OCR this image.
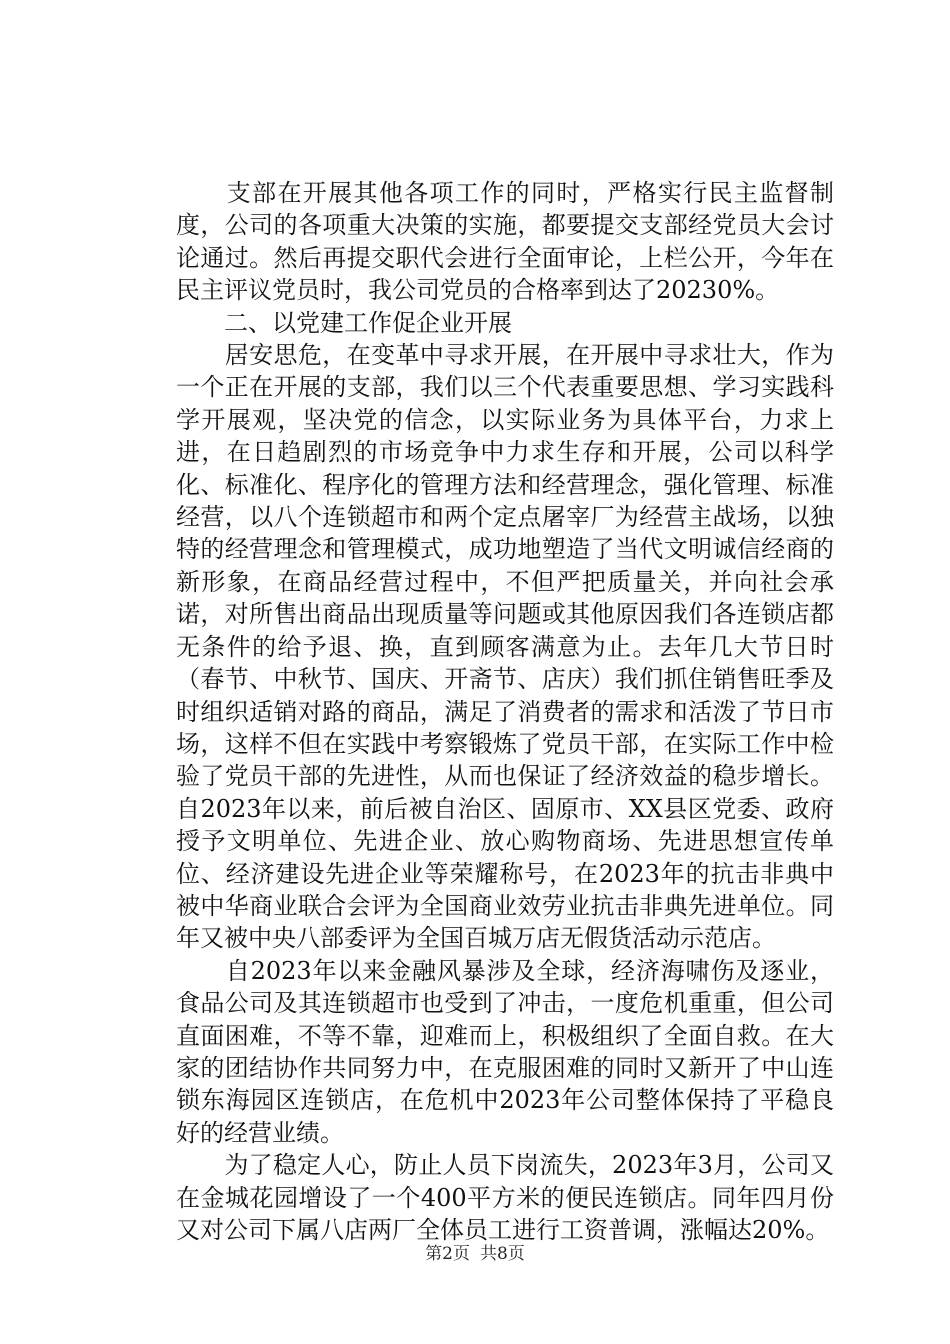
　　支部在开展其他各项工作的同时，严格实行民主监督制度，公司的各项重大决策的实施，都要提交支部经党员大会讨论通过。然后再提交职代会进行全面审论，上栏公开，今年在民主评议党员时，我公司党员的合格率到达了20230%。

　　二、以党建工作促企业开展

　　居安思危，在变革中寻求开展，在开展中寻求壮大，作为一个正在开展的支部，我们以三个代表重要思想、学习实践科学开展观，坚决党的信念，以实际业务为具体平台，力求上进，在日趋剧烈的市场竞争中力求生存和开展，公司以科学化、标准化、程序化的管理方法和经营理念，强化管理、标准经营，以八个连锁超市和两个定点屠宰厂为经营主战场，以独特的经营理念和管理模式，成功地塑造了当代文明诚信经商的新形象，在商品经营过程中，不但严把质量关，并向社会承诺，对所售出商品出现质量等问题或其他原因我们各连锁店都无条件的给予退、换，直到顾客满意为止。去年几大节日时（春节、中秋节、国庆、开斋节、店庆）我们抓住销售旺季及时组织适销对路的商品，满足了消费者的需求和活泼了节日市场，这样不但在实践中考察锻炼了党员干部，在实际工作中检验了党员干部的先进性，从而也保证了经济效益的稳步增长。自2023年以来，前后被自治区、固原市、XX县区党委、政府授予文明单位、先进企业、放心购物商场、先进思想宣传单位、经济建设先进企业等荣耀称号，在2023年的抗击非典中被中华商业联合会评为全国商业效劳业抗击非典先进单位。同年又被中央八部委评为全国百城万店无假货活动示范店。

　　自2023年以来金融风暴涉及全球，经济海啸伤及逐业，食品公司及其连锁超市也受到了冲击，一度危机重重，但公司直面困难，不等不靠，迎难而上，积极组织了全面自救。在大家的团结协作共同努力中，在克服困难的同时又新开了中山连锁东海园区连锁店，在危机中2023年公司整体保持了平稳良好的经营业绩。

　　为了稳定人心，防止人员下岗流失，2023年3月，公司又在金城花园增设了一个400平方米的便民连锁店。同年四月份又对公司下属八店两厂全体员工进行工资普调，涨幅达20%。

第2页 共8页
